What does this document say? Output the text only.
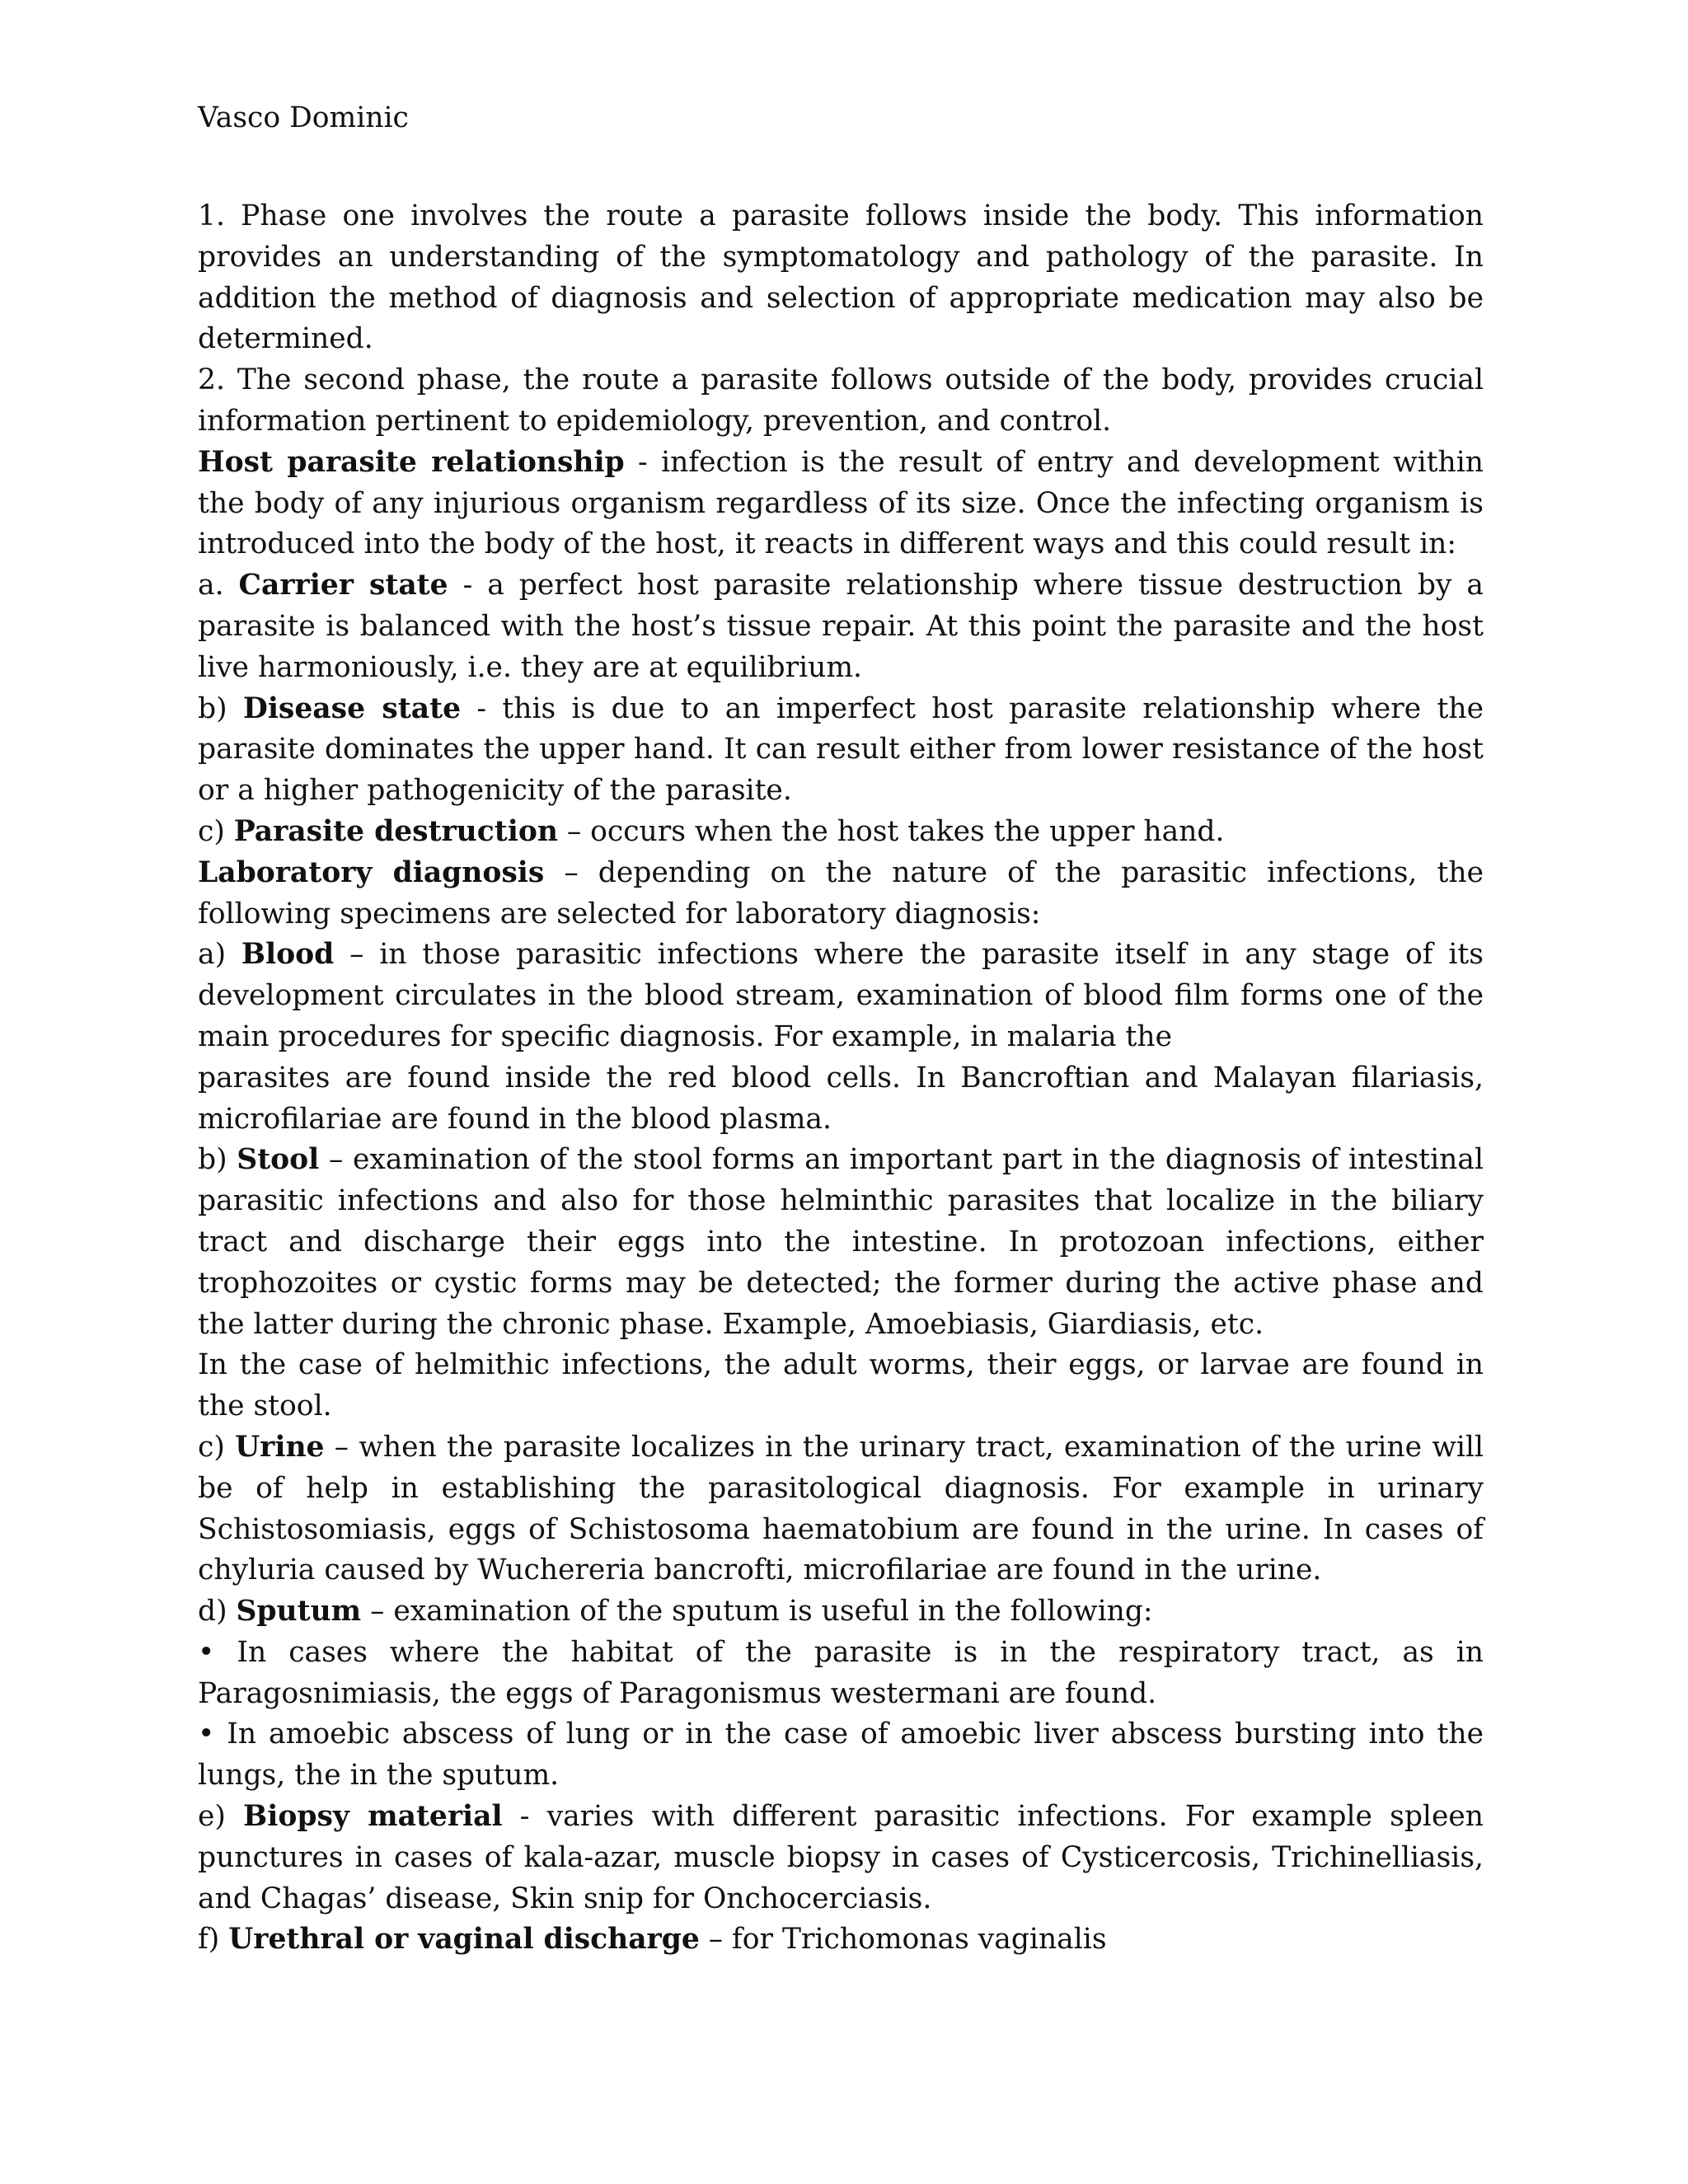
Vasco Dominic

1. Phase one involves the route a parasite follows inside the body. This information provides an understanding of the symptomatology and pathology of the parasite. In addition the method of diagnosis and selection of appropriate medication may also be determined.

2. The second phase, the route a parasite follows outside of the body, provides crucial information pertinent to epidemiology, prevention, and control.

Host parasite relationship - infection is the result of entry and development within the body of any injurious organism regardless of its size. Once the infecting organism is introduced into the body of the host, it reacts in different ways and this could result in:

a. Carrier state - a perfect host parasite relationship where tissue destruction by a parasite is balanced with the host’s tissue repair. At this point the parasite and the host live harmoniously, i.e. they are at equilibrium.

b) Disease state - this is due to an imperfect host parasite relationship where the parasite dominates the upper hand. It can result either from lower resistance of the host or a higher pathogenicity of the parasite.

c) Parasite destruction – occurs when the host takes the upper hand.

Laboratory diagnosis – depending on the nature of the parasitic infections, the following specimens are selected for laboratory diagnosis:

a) Blood – in those parasitic infections where the parasite itself in any stage of its development circulates in the blood stream, examination of blood film forms one of the main procedures for specific diagnosis. For example, in malaria the

parasites are found inside the red blood cells. In Bancroftian and Malayan filariasis, microfilariae are found in the blood plasma.

b) Stool – examination of the stool forms an important part in the diagnosis of intestinal parasitic infections and also for those helminthic parasites that localize in the biliary tract and discharge their eggs into the intestine. In protozoan infections, either trophozoites or cystic forms may be detected; the former during the active phase and the latter during the chronic phase. Example, Amoebiasis, Giardiasis, etc.

In the case of helmithic infections, the adult worms, their eggs, or larvae are found in the stool.

c) Urine – when the parasite localizes in the urinary tract, examination of the urine will be of help in establishing the parasitological diagnosis. For example in urinary Schistosomiasis, eggs of Schistosoma haematobium are found in the urine. In cases of chyluria caused by Wuchereria bancrofti, microfilariae are found in the urine.

d) Sputum – examination of the sputum is useful in the following:

• In cases where the habitat of the parasite is in the respiratory tract, as in Paragosnimiasis, the eggs of Paragonismus westermani are found.

• In amoebic abscess of lung or in the case of amoebic liver abscess bursting into the lungs, the in the sputum.

e) Biopsy material - varies with different parasitic infections. For example spleen punctures in cases of kala-azar, muscle biopsy in cases of Cysticercosis, Trichinelliasis, and Chagas’ disease, Skin snip for Onchocerciasis.

f) Urethral or vaginal discharge – for Trichomonas vaginalis
